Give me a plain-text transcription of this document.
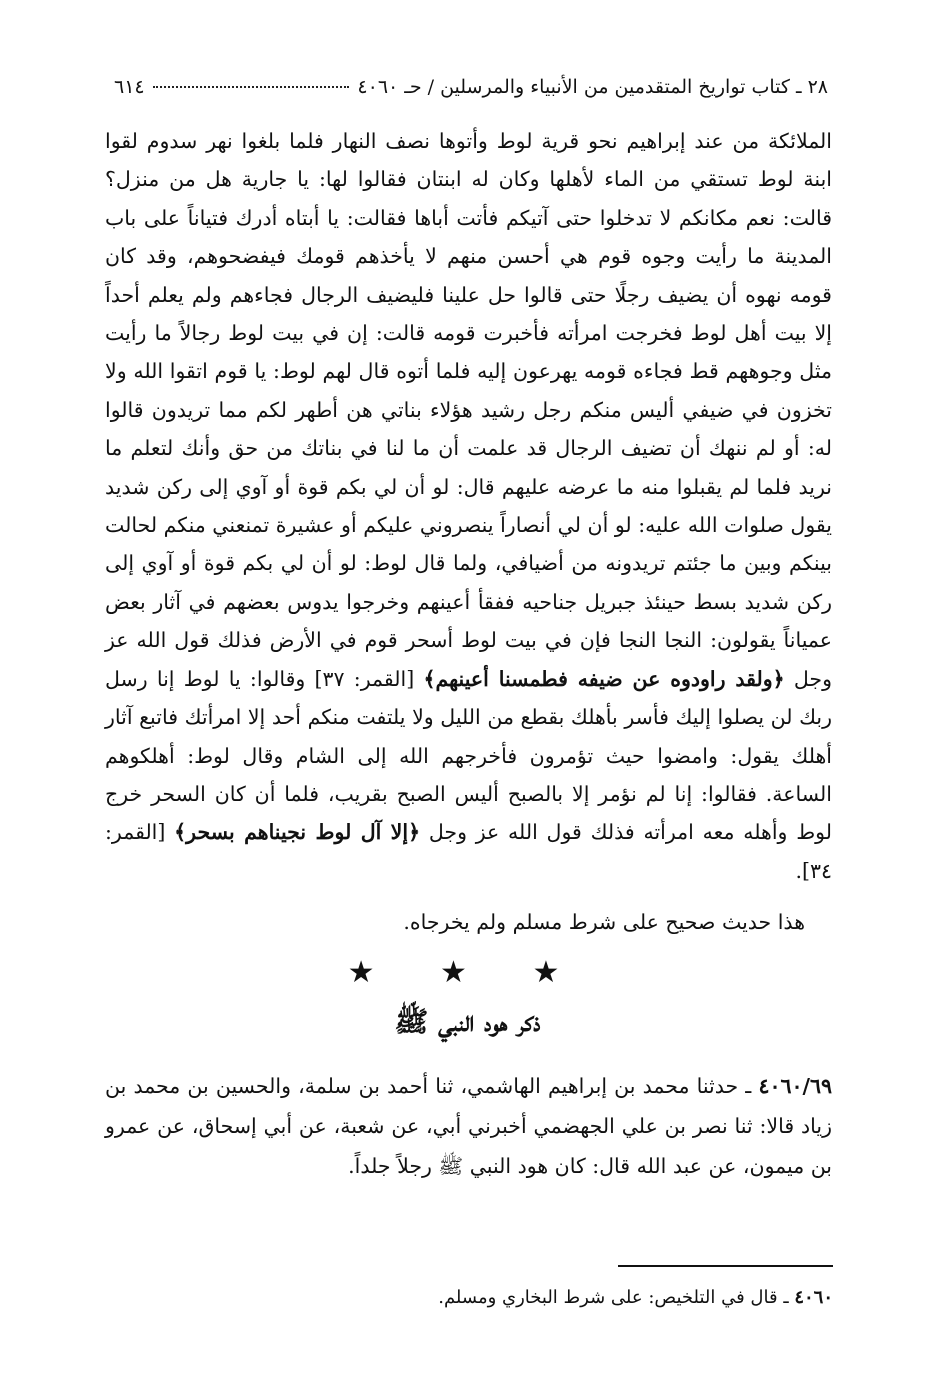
٦١٤	٢٨ ـ كتاب تواريخ المتقدمين من الأنبياء والمرسلين / حـ ٤٠٦٠
الملائكة من عند إبراهيم نحو قرية لوط وأتوها نصف النهار فلما بلغوا نهر سدوم لقوا ابنة لوط تستقي من الماء لأهلها وكان له ابنتان فقالوا لها: يا جارية هل من منزل؟ قالت: نعم مكانكم لا تدخلوا حتى آتيكم فأتت أباها فقالت: يا أبتاه أدرك فتياناً على باب المدينة ما رأيت وجوه قوم هي أحسن منهم لا يأخذهم قومك فيفضحوهم، وقد كان قومه نهوه أن يضيف رجلًا حتى قالوا حل علينا فليضيف الرجال فجاءهم ولم يعلم أحداً إلا بيت أهل لوط فخرجت امرأته فأخبرت قومه قالت: إن في بيت لوط رجالاً ما رأيت مثل وجوههم قط فجاءه قومه يهرعون إليه فلما أتوه قال لهم لوط: يا قوم اتقوا الله ولا تخزون في ضيفي أليس منكم رجل رشيد هؤلاء بناتي هن أطهر لكم مما تريدون قالوا له: أو لم ننهك أن تضيف الرجال قد علمت أن ما لنا في بناتك من حق وأنك لتعلم ما نريد فلما لم يقبلوا منه ما عرضه عليهم قال: لو أن لي بكم قوة أو آوي إلى ركن شديد يقول صلوات الله عليه: لو أن لي أنصاراً ينصروني عليكم أو عشيرة تمنعني منكم لحالت بينكم وبين ما جئتم تريدونه من أضيافي، ولما قال لوط: لو أن لي بكم قوة أو آوي إلى ركن شديد بسط حينئذ جبريل جناحيه ففقأ أعينهم وخرجوا يدوس بعضهم في آثار بعض عمياناً يقولون: النجا النجا فإن في بيت لوط أسحر قوم في الأرض فذلك قول الله عز وجل ﴿ولقد راودوه عن ضيفه فطمسنا أعينهم﴾ [القمر: ٣٧] وقالوا: يا لوط إنا رسل ربك لن يصلوا إليك فأسر بأهلك بقطع من الليل ولا يلتفت منكم أحد إلا امرأتك فاتبع آثار أهلك يقول: وامضوا حيث تؤمرون فأخرجهم الله إلى الشام وقال لوط: أهلكوهم الساعة. فقالوا: إنا لم نؤمر إلا بالصبح أليس الصبح بقريب، فلما أن كان السحر خرج لوط وأهله معه امرأته فذلك قول الله عز وجل ﴿إلا آل لوط نجيناهم بسحر﴾ [القمر: ٣٤].
هذا حديث صحيح على شرط مسلم ولم يخرجاه.
★ ★ ★
ذكر هود النبي ﷺ
٤٠٦٠/٦٩ ـ حدثنا محمد بن إبراهيم الهاشمي، ثنا أحمد بن سلمة، والحسين بن محمد بن زياد قالا: ثنا نصر بن علي الجهضمي أخبرني أبي، عن شعبة، عن أبي إسحاق، عن عمرو بن ميمون، عن عبد الله قال: كان هود النبي ﷺ رجلاً جلداً.
٤٠٦٠ ـ قال في التلخيص: على شرط البخاري ومسلم.
